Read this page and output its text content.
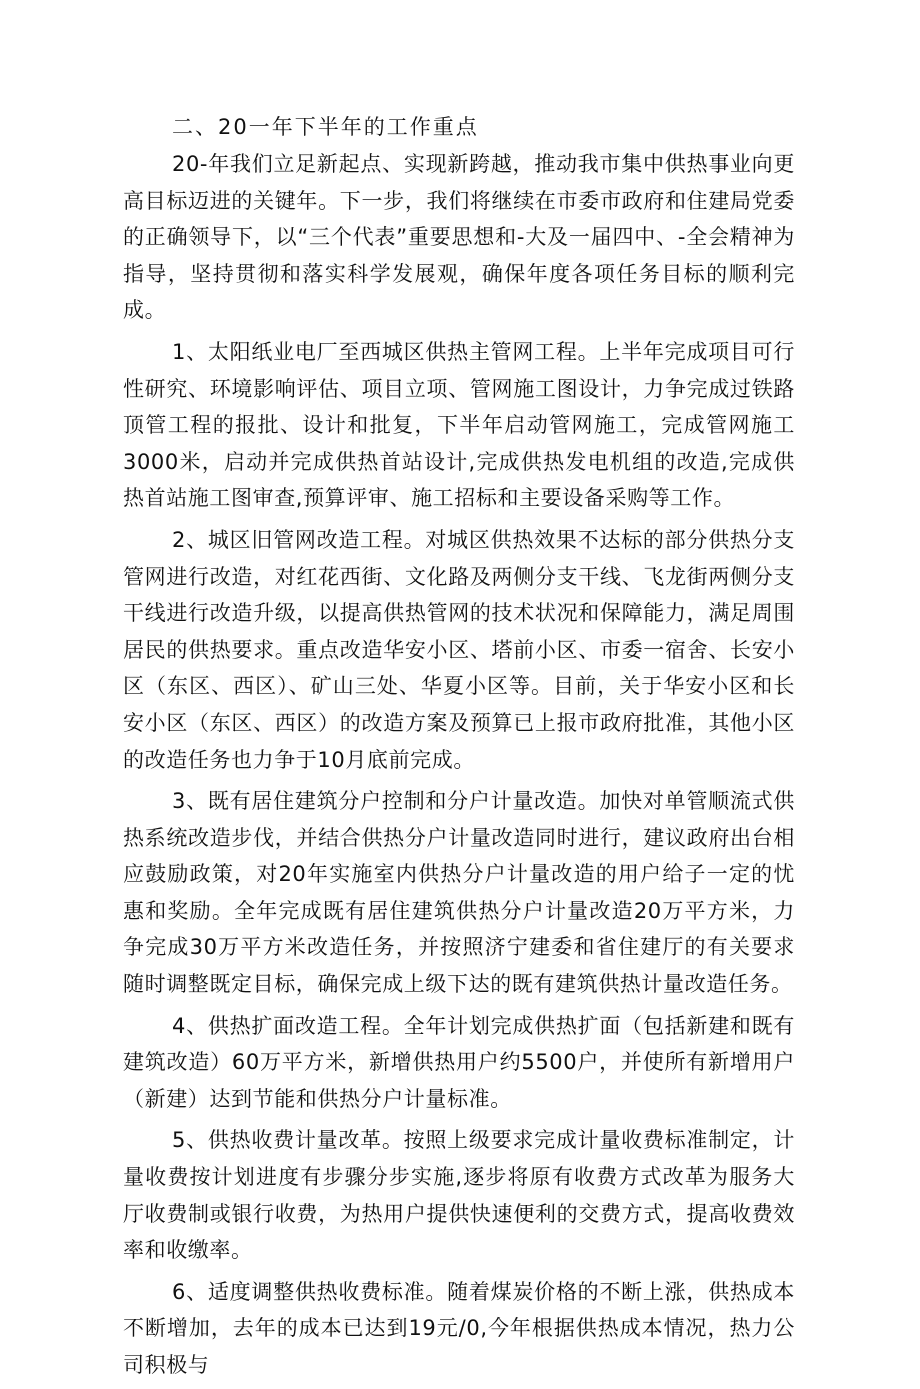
二、20一年下半年的工作重点

20-年我们立足新起点、实现新跨越，推动我市集中供热事业向更高目标迈进的关键年。下一步，我们将继续在市委市政府和住建局党委的正确领导下，以“三个代表”重要思想和-大及一届四中、-全会精神为指导，坚持贯彻和落实科学发展观，确保年度各项任务目标的顺利完成。

1、太阳纸业电厂至西城区供热主管网工程。上半年完成项目可行性研究、环境影响评估、项目立项、管网施工图设计，力争完成过铁路顶管工程的报批、设计和批复，下半年启动管网施工，完成管网施工3000米，启动并完成供热首站设计,完成供热发电机组的改造,完成供热首站施工图审查,预算评审、施工招标和主要设备采购等工作。

2、城区旧管网改造工程。对城区供热效果不达标的部分供热分支管网进行改造，对红花西街、文化路及两侧分支干线、飞龙街两侧分支干线进行改造升级，以提高供热管网的技术状况和保障能力，满足周围居民的供热要求。重点改造华安小区、塔前小区、市委一宿舍、长安小区（东区、西区）、矿山三处、华夏小区等。目前，关于华安小区和长安小区（东区、西区）的改造方案及预算已上报市政府批准，其他小区的改造任务也力争于10月底前完成。

3、既有居住建筑分户控制和分户计量改造。加快对单管顺流式供热系统改造步伐，并结合供热分户计量改造同时进行，建议政府出台相应鼓励政策，对20年实施室内供热分户计量改造的用户给子一定的忧惠和奖励。全年完成既有居住建筑供热分户计量改造20万平方米，力争完成30万平方米改造任务，并按照济宁建委和省住建厅的有关要求随时调整既定目标，确保完成上级下达的既有建筑供热计量改造任务。

4、供热扩面改造工程。全年计划完成供热扩面（包括新建和既有建筑改造）60万平方米，新增供热用户约5500户，并使所有新增用户（新建）达到节能和供热分户计量标准。

5、供热收费计量改革。按照上级要求完成计量收费标准制定，计量收费按计划进度有步骤分步实施,逐步将原有收费方式改革为服务大厅收费制或银行收费，为热用户提供快速便利的交费方式，提高收费效率和收缴率。

6、适度调整供热收费标准。随着煤炭价格的不断上涨，供热成本不断增加，去年的成本已达到19元/0,今年根据供热成本情况，热力公司积极与
